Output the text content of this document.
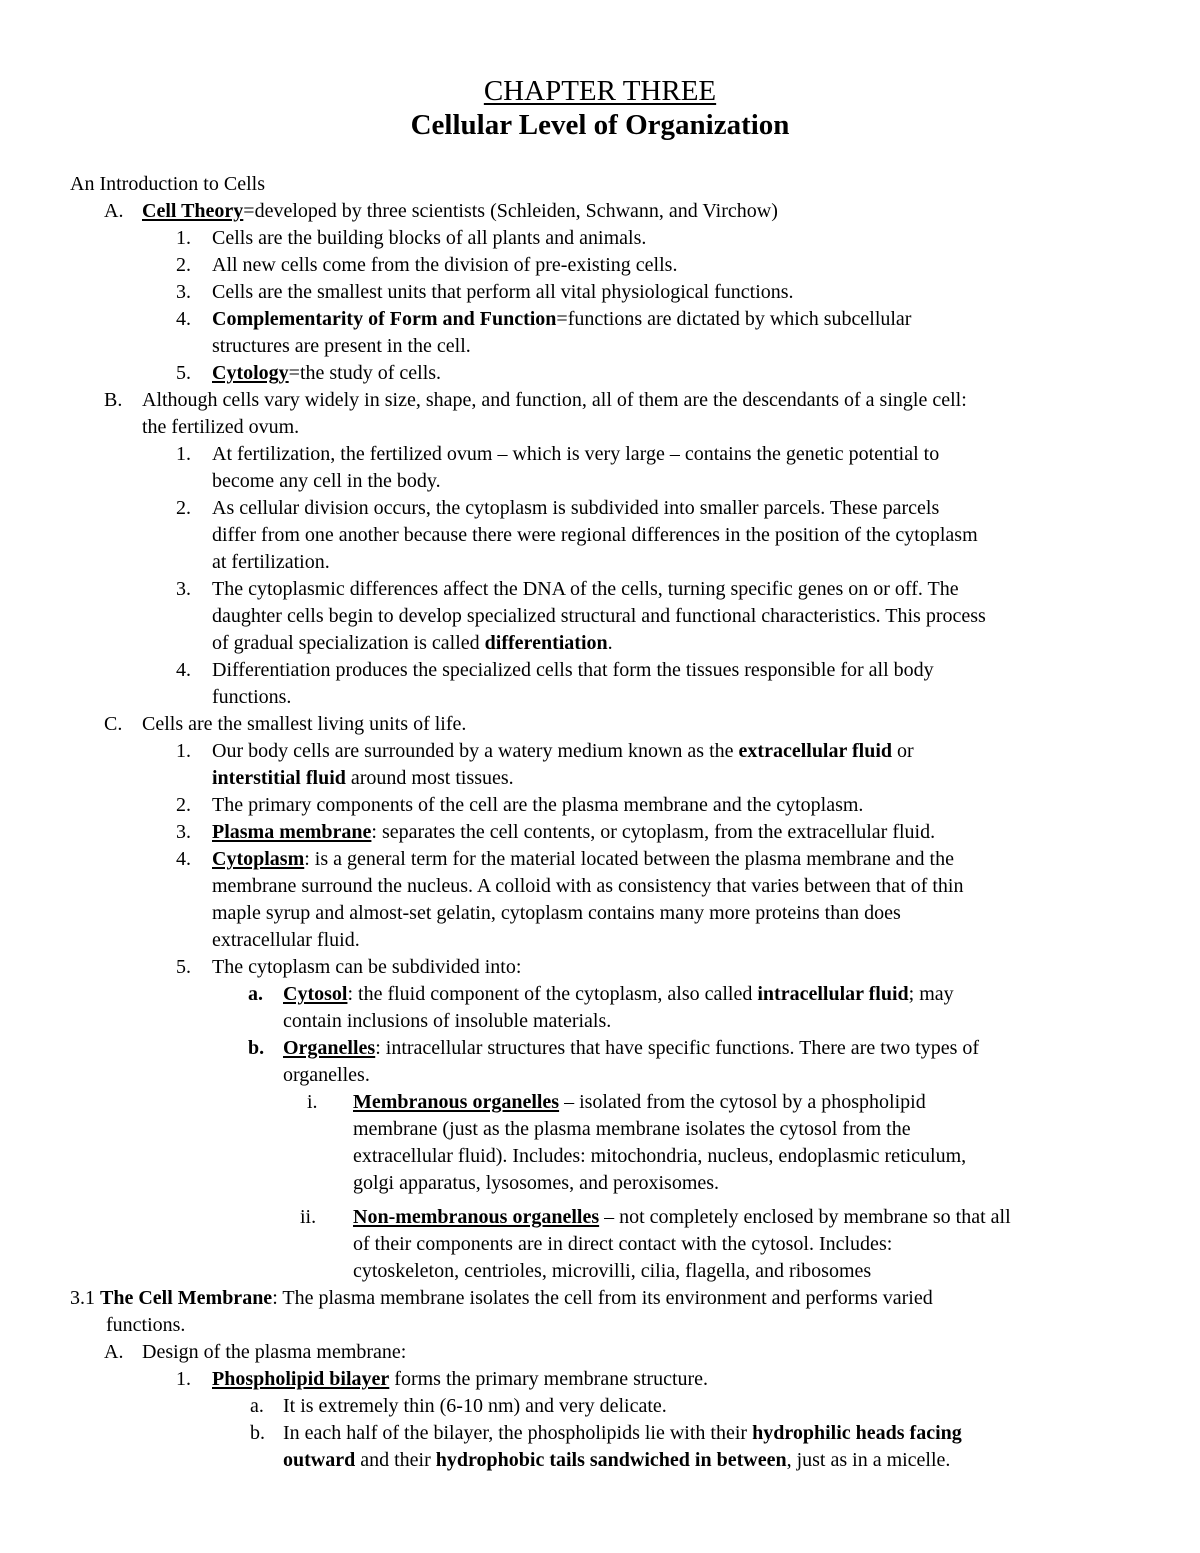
CHAPTER THREE
Cellular Level of Organization
An Introduction to Cells
A. Cell Theory=developed by three scientists (Schleiden, Schwann, and Virchow)
1. Cells are the building blocks of all plants and animals.
2. All new cells come from the division of pre-existing cells.
3. Cells are the smallest units that perform all vital physiological functions.
4. Complementarity of Form and Function=functions are dictated by which subcellular
structures are present in the cell.
5. Cytology=the study of cells.
B. Although cells vary widely in size, shape, and function, all of them are the descendants of a single cell:
the fertilized ovum.
1. At fertilization, the fertilized ovum – which is very large – contains the genetic potential to
become any cell in the body.
2. As cellular division occurs, the cytoplasm is subdivided into smaller parcels. These parcels
differ from one another because there were regional differences in the position of the cytoplasm
at fertilization.
3. The cytoplasmic differences affect the DNA of the cells, turning specific genes on or off. The
daughter cells begin to develop specialized structural and functional characteristics. This process
of gradual specialization is called differentiation.
4. Differentiation produces the specialized cells that form the tissues responsible for all body
functions.
C. Cells are the smallest living units of life.
1. Our body cells are surrounded by a watery medium known as the extracellular fluid or
interstitial fluid around most tissues.
2. The primary components of the cell are the plasma membrane and the cytoplasm.
3. Plasma membrane: separates the cell contents, or cytoplasm, from the extracellular fluid.
4. Cytoplasm: is a general term for the material located between the plasma membrane and the
membrane surround the nucleus. A colloid with as consistency that varies between that of thin
maple syrup and almost-set gelatin, cytoplasm contains many more proteins than does
extracellular fluid.
5. The cytoplasm can be subdivided into:
a. Cytosol: the fluid component of the cytoplasm, also called intracellular fluid; may
contain inclusions of insoluble materials.
b. Organelles: intracellular structures that have specific functions. There are two types of
organelles.
i. Membranous organelles – isolated from the cytosol by a phospholipid
membrane (just as the plasma membrane isolates the cytosol from the
extracellular fluid). Includes: mitochondria, nucleus, endoplasmic reticulum,
golgi apparatus, lysosomes, and peroxisomes.
ii. Non-membranous organelles – not completely enclosed by membrane so that all
of their components are in direct contact with the cytosol. Includes:
cytoskeleton, centrioles, microvilli, cilia, flagella, and ribosomes
3.1 The Cell Membrane: The plasma membrane isolates the cell from its environment and performs varied
functions.
A. Design of the plasma membrane:
1. Phospholipid bilayer forms the primary membrane structure.
a. It is extremely thin (6-10 nm) and very delicate.
b. In each half of the bilayer, the phospholipids lie with their hydrophilic heads facing
outward and their hydrophobic tails sandwiched in between, just as in a micelle.
